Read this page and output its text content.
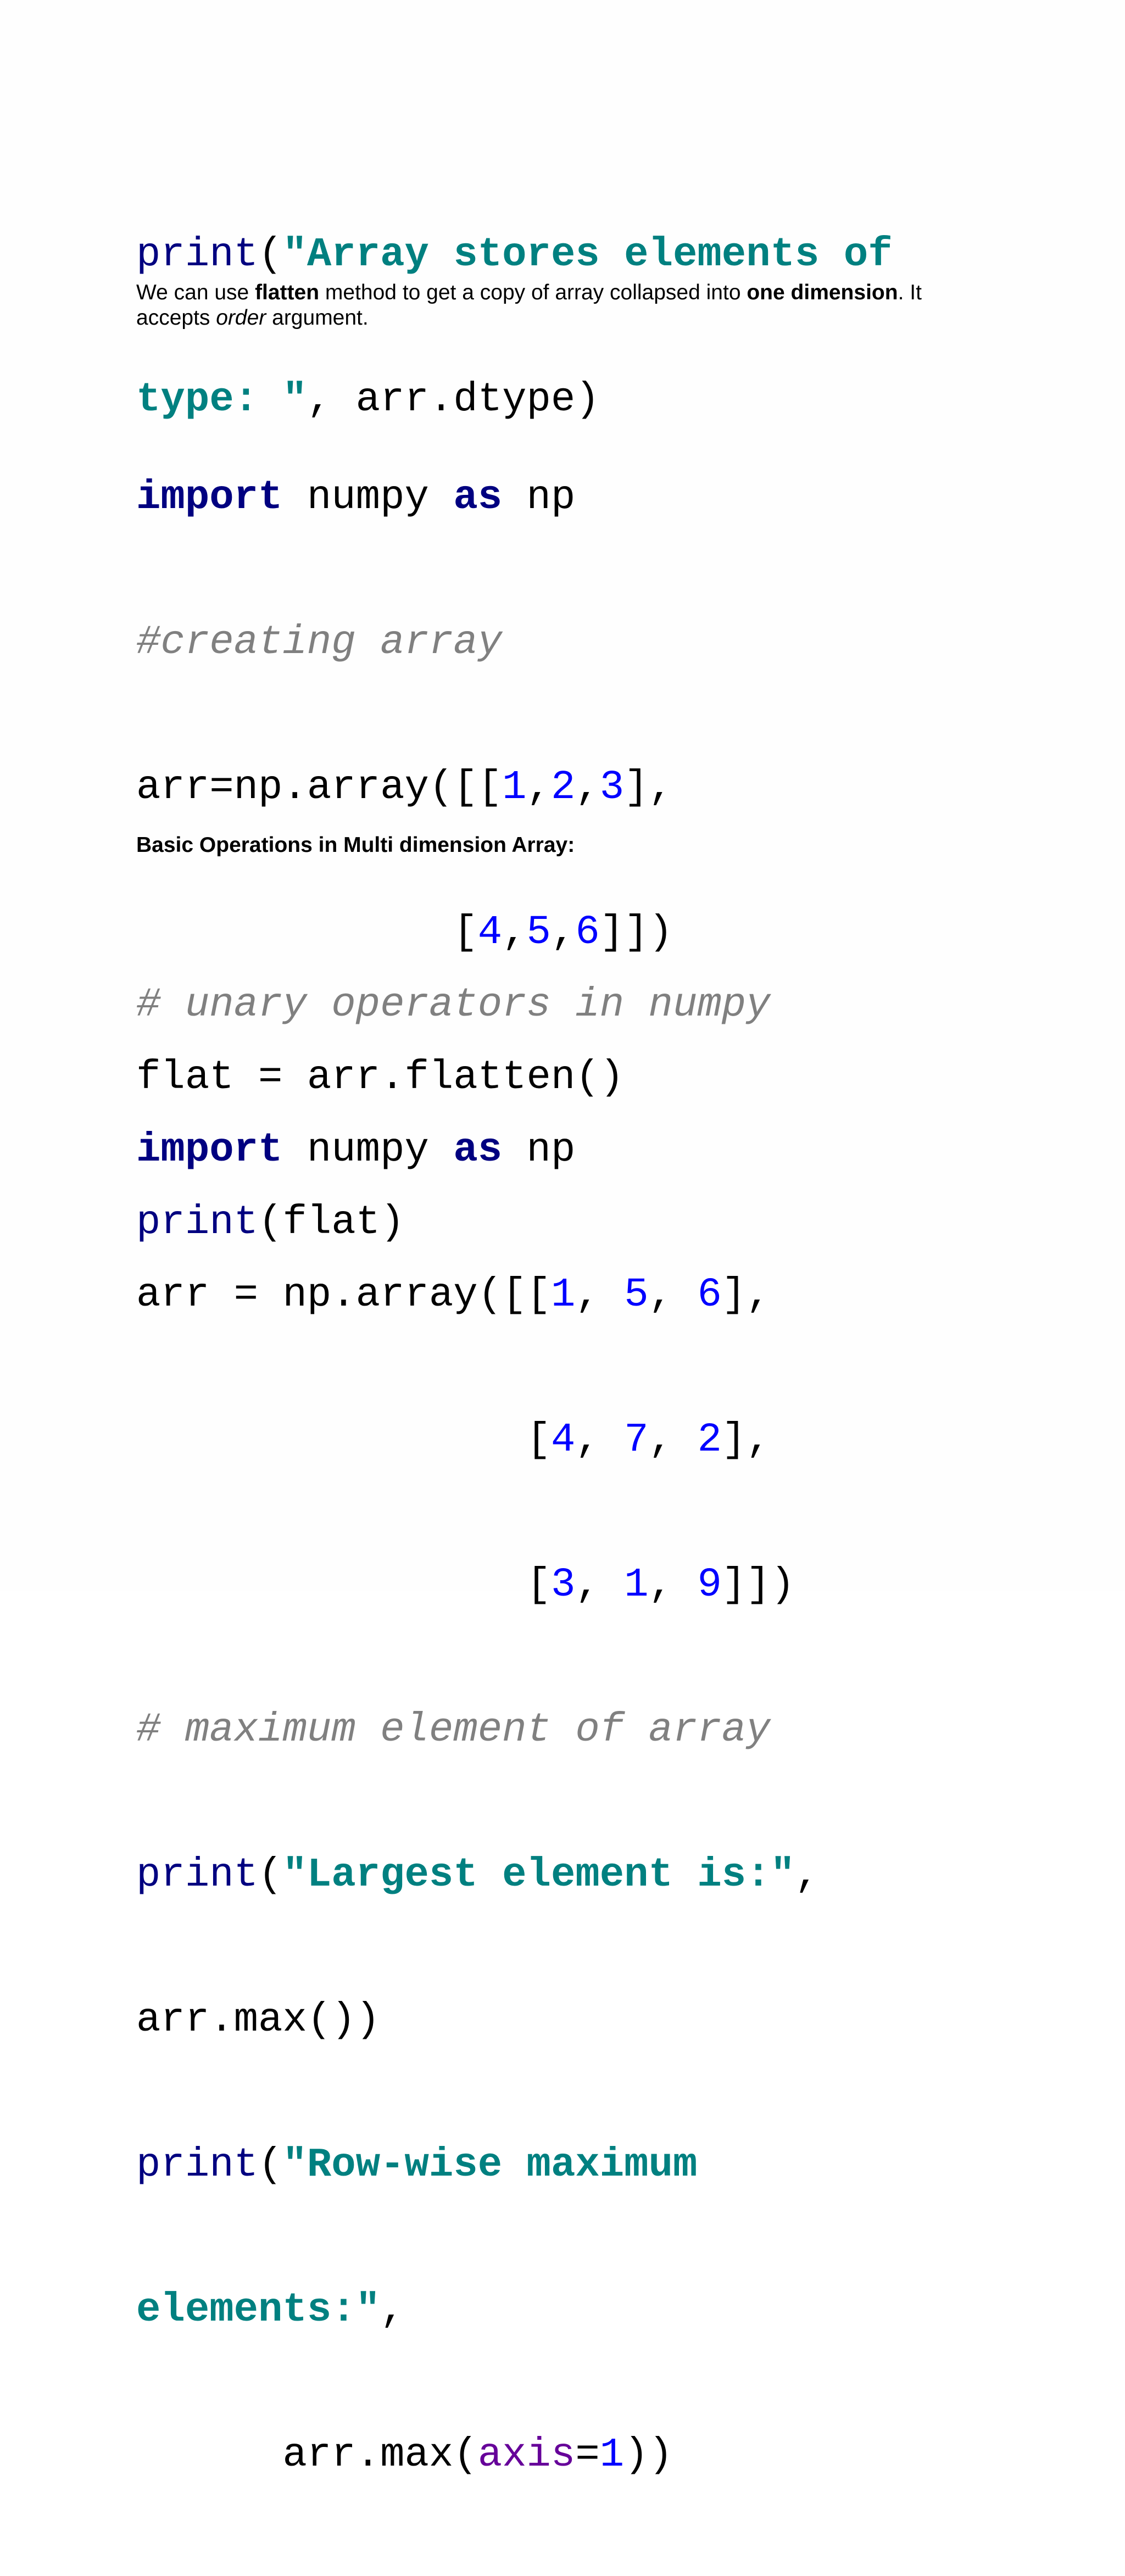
print("Array stores elements of

type: ", arr.dtype)

We can use flatten method to get a copy of array collapsed into one dimension. It accepts order argument.

import numpy as np

#creating array

arr=np.array([[1,2,3],

[4,5,6]])

flat = arr.flatten()

print(flat)

Basic Operations in Multi dimension Array:

# unary operators in numpy

import numpy as np

arr = np.array([[1, 5, 6],

[4, 7, 2],

[3, 1, 9]])

# maximum element of array

print("Largest element is:",

arr.max())

print("Row-wise maximum

elements:",

arr.max(axis=1))
